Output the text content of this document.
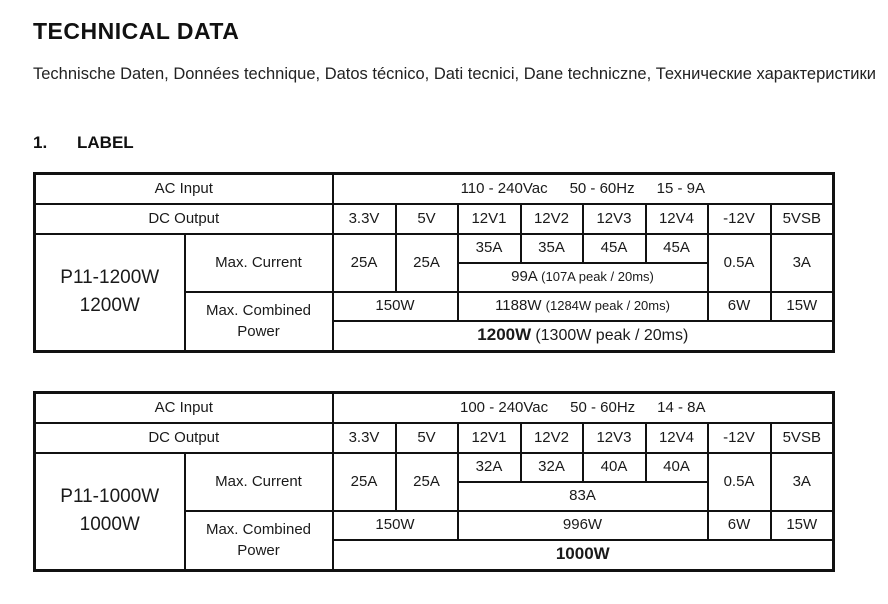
TECHNICAL DATA
Technische Daten, Données technique, Datos técnico, Dati tecnici, Dane techniczne, Технические характеристики
1. LABEL
AC Input		110 - 240Vac 50 - 60Hz 15 - 9A							
DC Output		3.3V	5V	12V1	12V2	12V3	12V4	-12V	5VSB
P11-1200W
1200W	Max. Current	25A	25A	35A	35A	45A	45A	0.5A	3A
				99A (107A peak / 20ms)					
	Max. Combined
Power	150W		1188W (1284W peak / 20ms)				6W	15W
		1200W (1300W peak / 20ms)							
AC Input		100 - 240Vac 50 - 60Hz 14 - 8A							
DC Output		3.3V	5V	12V1	12V2	12V3	12V4	-12V	5VSB
P11-1000W
1000W	Max. Current	25A	25A	32A	32A	40A	40A	0.5A	3A
				83A					
	Max. Combined
Power	150W		996W				6W	15W
		1000W							
